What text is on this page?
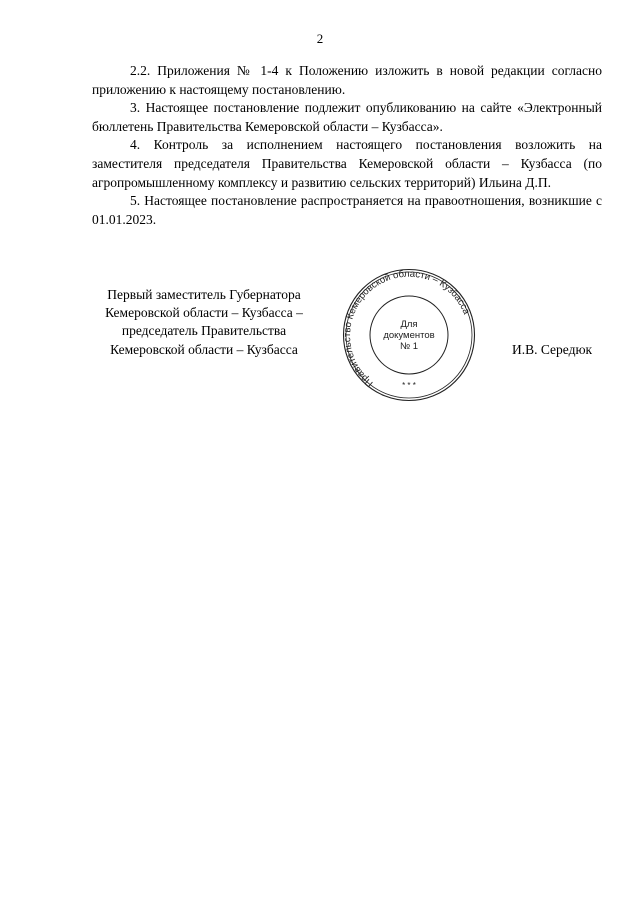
2

2.2. Приложения № 1-4 к Положению изложить в новой редакции согласно приложению к настоящему постановлению.

3. Настоящее постановление подлежит опубликованию на сайте «Электронный бюллетень Правительства Кемеровской области – Кузбасса».

4. Контроль за исполнением настоящего постановления возложить на заместителя председателя Правительства Кемеровской области – Кузбасса (по агропромышленному комплексу и развитию сельских территорий) Ильина Д.П.

5. Настоящее постановление распространяется на правоотношения, возникшие с 01.01.2023.

Первый заместитель Губернатора
Кемеровской области – Кузбасса –
председатель Правительства
Кемеровской области – Кузбасса
Правительство Кемеровской области – Кузбасса
* * *
Для
документов
№ 1	И.В. Середюк
